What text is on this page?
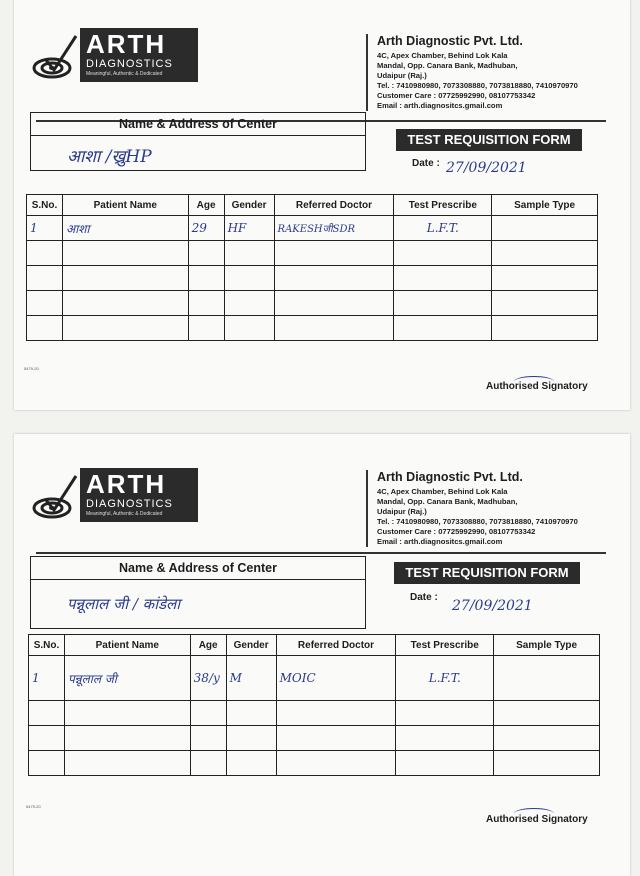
ARTH
DIAGNOSTICS
Meaningful, Authentic & Dedicated
Arth Diagnostic Pvt. Ltd.
4C, Apex Chamber, Behind Lok Kala
Mandal, Opp. Canara Bank, Madhuban,
Udaipur (Raj.)
Tel. : 7410980980, 7073308880, 7073818880, 7410970970
Customer Care : 07725992990, 08107753342
Email : arth.diagnositcs.gmail.com
Name & Address of Center
आशा /ख्रुHP
TEST REQUISITION FORM
Date : 27/09/2021
S.No.	Patient Name	Age	Gender	Referred Doctor	Test Prescribe	Sample Type
1	आशा	29	HF	RAKESHजीSDR	L.F.T.	

5479-20
Authorised Signatory
ARTH
DIAGNOSTICS
Meaningful, Authentic & Dedicated
Arth Diagnostic Pvt. Ltd.
4C, Apex Chamber, Behind Lok Kala
Mandal, Opp. Canara Bank, Madhuban,
Udaipur (Raj.)
Tel. : 7410980980, 7073308880, 7073818880, 7410970970
Customer Care : 07725992990, 08107753342
Email : arth.diagnositcs.gmail.com
Name & Address of Center
पन्नूलाल जी / कांडेला
TEST REQUISITION FORM
Date :
27/09/2021
S.No.	Patient Name	Age	Gender	Referred Doctor	Test Prescribe	Sample Type
1	पन्नूलाल जी	38/y	M	MOIC	L.F.T.	

5479-20
Authorised Signatory
